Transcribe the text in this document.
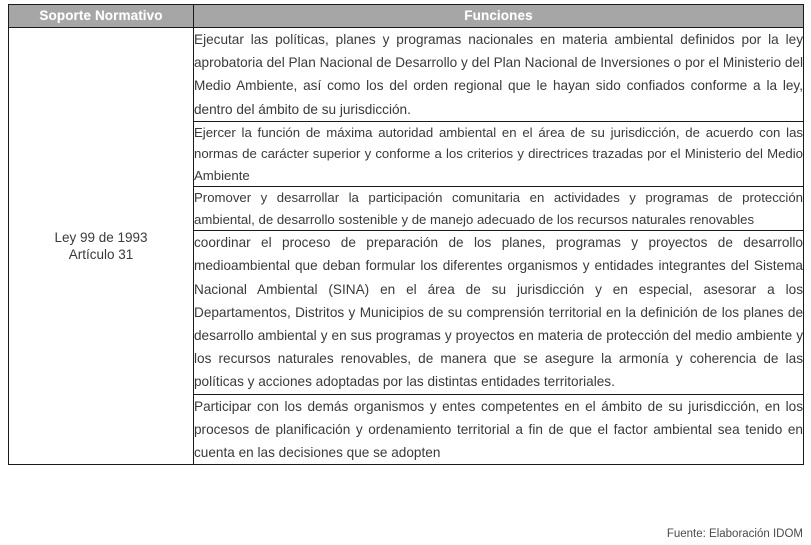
Soporte Normativo	Funciones

Ley 99 de 1993
Artículo 31	Ejecutar las políticas, planes y programas nacionales en materia ambiental definidos por la ley aprobatoria del Plan Nacional de Desarrollo y del Plan Nacional de Inversiones o por el Ministerio del Medio Ambiente, así como los del orden regional que le hayan sido confiados conforme a la ley, dentro del ámbito de su jurisdicción.

	Ejercer la función de máxima autoridad ambiental en el área de su jurisdicción, de acuerdo con las normas de carácter superior y conforme a los criterios y directrices trazadas por el Ministerio del Medio Ambiente

	Promover y desarrollar la participación comunitaria en actividades y programas de protección ambiental, de desarrollo sostenible y de manejo adecuado de los recursos naturales renovables

	coordinar el proceso de preparación de los planes, programas y proyectos de desarrollo medioambiental que deban formular los diferentes organismos y entidades integrantes del Sistema Nacional Ambiental (SINA) en el área de su jurisdicción y en especial, asesorar a los Departamentos, Distritos y Municipios de su comprensión territorial en la definición de los planes de desarrollo ambiental y en sus programas y proyectos en materia de protección del medio ambiente y los recursos naturales renovables, de manera que se asegure la armonía y coherencia de las políticas y acciones adoptadas por las distintas entidades territoriales.

	Participar con los demás organismos y entes competentes en el ámbito de su jurisdicción, en los procesos de planificación y ordenamiento territorial a fin de que el factor ambiental sea tenido en cuenta en las decisiones que se adopten

Fuente: Elaboración IDOM
